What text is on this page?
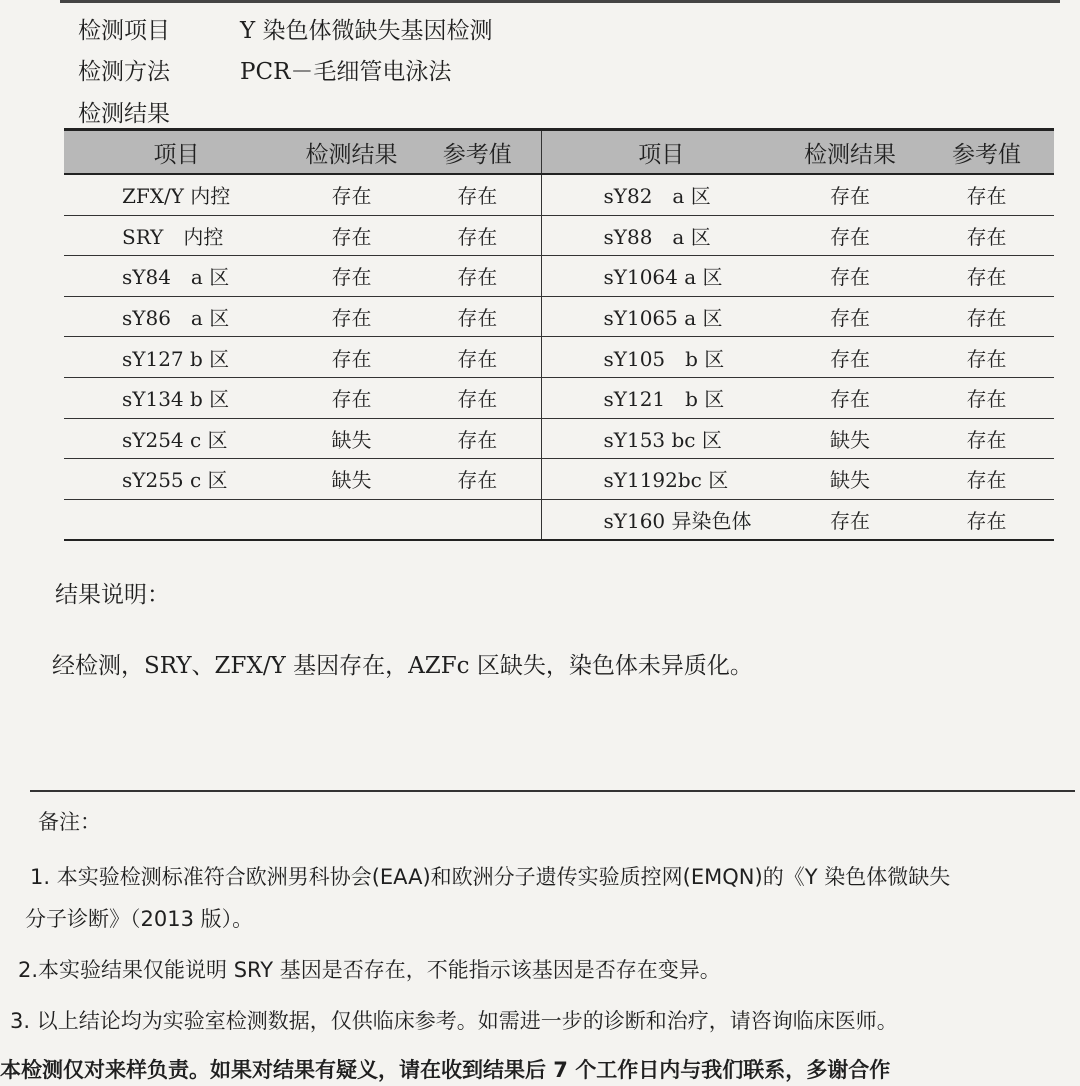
检测项目	Y 染色体微缺失基因检测
检测方法	PCR－毛细管电泳法
检测结果
项目	检测结果	参考值	项目	检测结果	参考值
ZFX/Y 内控	存在	存在	sY82　a 区	存在	存在
SRY　内控	存在	存在	sY88　a 区	存在	存在
sY84　a 区	存在	存在	sY1064 a 区	存在	存在
sY86　a 区	存在	存在	sY1065 a 区	存在	存在
sY127 b 区	存在	存在	sY105　b 区	存在	存在
sY134 b 区	存在	存在	sY121　b 区	存在	存在
sY254 c 区	缺失	存在	sY153 bc 区	缺失	存在
sY255 c 区	缺失	存在	sY1192bc 区	缺失	存在
			sY160 异染色体	存在	存在
结果说明：
经检测，SRY、ZFX/Y 基因存在，AZFc 区缺失，染色体未异质化。
备注：
1. 本实验检测标准符合欧洲男科协会(EAA)和欧洲分子遗传实验质控网(EMQN)的《Y 染色体微缺失
分子诊断》（2013 版）。
2.本实验结果仅能说明 SRY 基因是否存在，不能指示该基因是否存在变异。
3. 以上结论均为实验室检测数据，仅供临床参考。如需进一步的诊断和治疗，请咨询临床医师。
本检测仅对来样负责。如果对结果有疑义，请在收到结果后 7 个工作日内与我们联系，多谢合作
